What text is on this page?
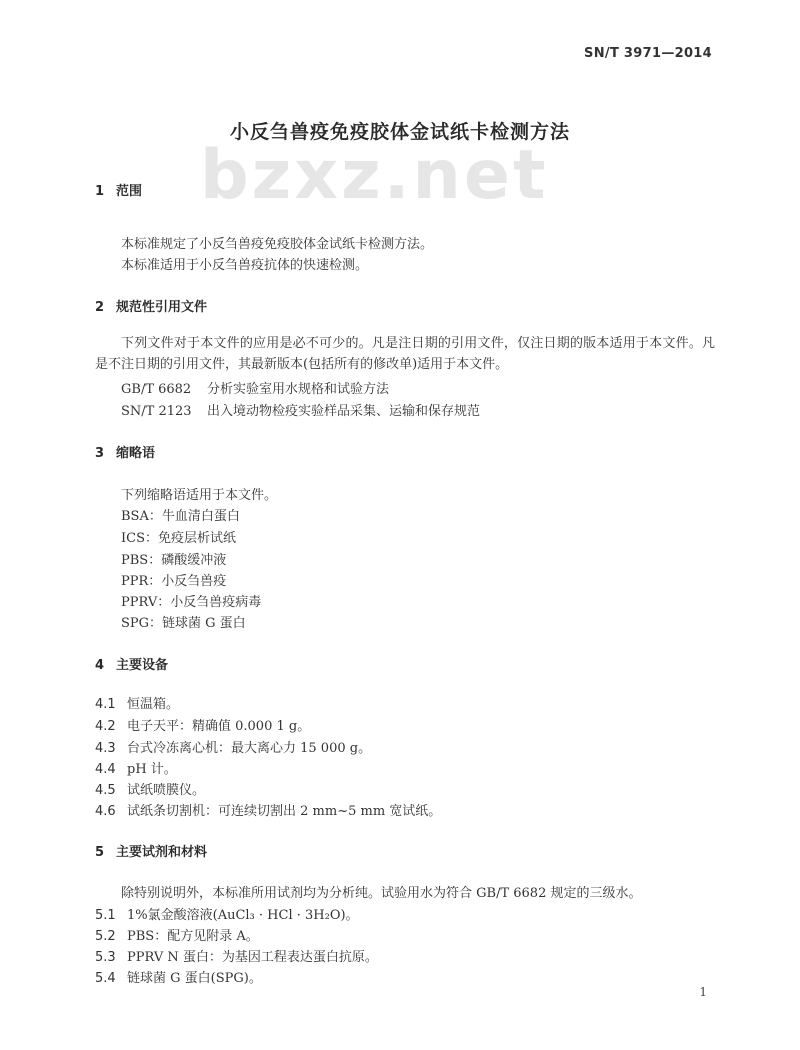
bzxz.net
SN/T 3971—2014
小反刍兽疫免疫胶体金试纸卡检测方法
1 范围
本标准规定了小反刍兽疫免疫胶体金试纸卡检测方法。
本标准适用于小反刍兽疫抗体的快速检测。
2 规范性引用文件
下列文件对于本文件的应用是必不可少的。凡是注日期的引用文件，仅注日期的版本适用于本文件。凡是不注日期的引用文件，其最新版本(包括所有的修改单)适用于本文件。
GB/T 6682 分析实验室用水规格和试验方法
SN/T 2123 出入境动物检疫实验样品采集、运输和保存规范
3 缩略语
下列缩略语适用于本文件。
BSA：牛血清白蛋白
ICS：免疫层析试纸
PBS：磷酸缓冲液
PPR：小反刍兽疫
PPRV：小反刍兽疫病毒
SPG：链球菌 G 蛋白
4 主要设备
4.1 恒温箱。
4.2 电子天平：精确值 0.000 1 g。
4.3 台式冷冻离心机：最大离心力 15 000 g。
4.4 pH 计。
4.5 试纸喷膜仪。
4.6 试纸条切割机：可连续切割出 2 mm~5 mm 宽试纸。
5 主要试剂和材料
除特别说明外，本标准所用试剂均为分析纯。试验用水为符合 GB/T 6682 规定的三级水。
5.1 1%氯金酸溶液(AuCl₃ · HCl · 3H₂O)。
5.2 PBS：配方见附录 A。
5.3 PPRV N 蛋白：为基因工程表达蛋白抗原。
5.4 链球菌 G 蛋白(SPG)。
1
